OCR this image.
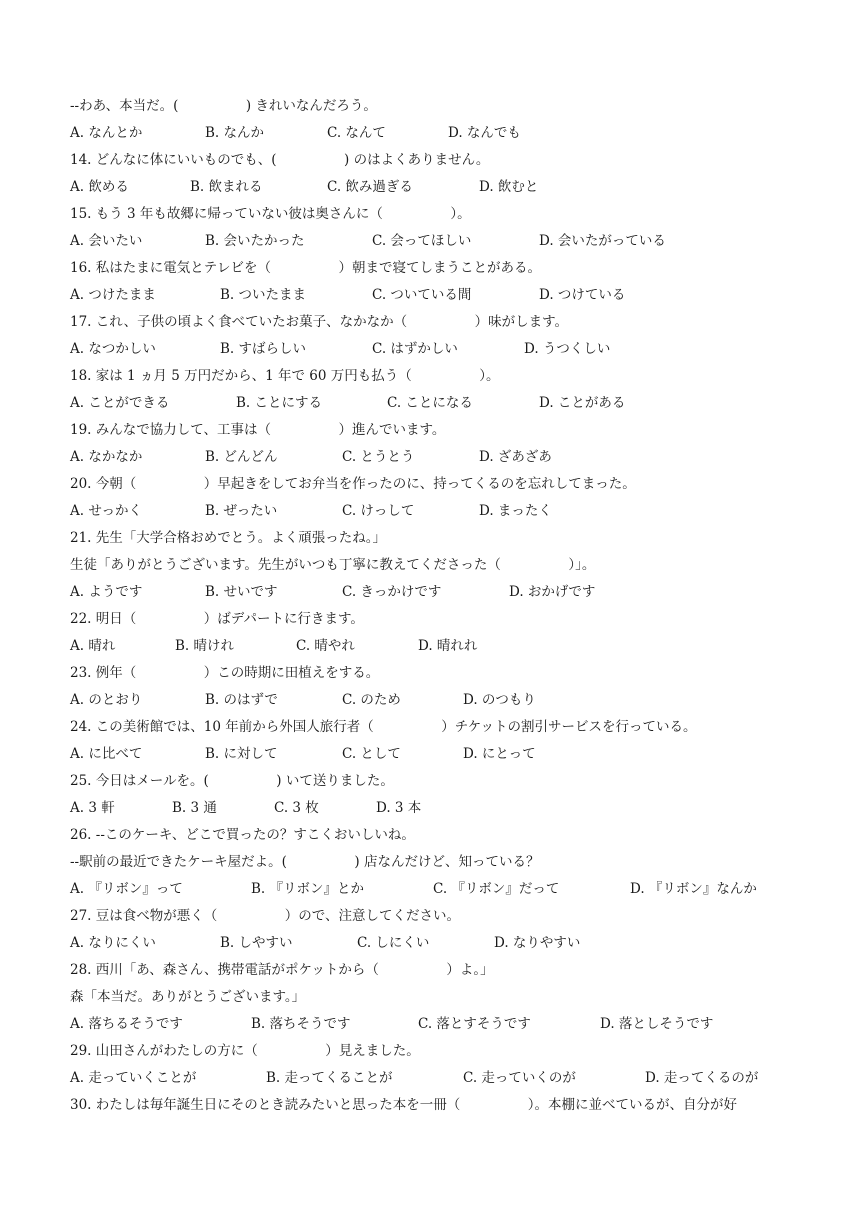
--わあ、本当だ。(　　　　　) きれいなんだろう。
A. なんとか	B. なんか	C. なんて	D. なんでも
14. どんなに体にいいものでも、(　　　　　) のはよくありません。
A. 飲める	B. 飲まれる	C. 飲み過ぎる	D. 飲むと
15. もう 3 年も故郷に帰っていない彼は奥さんに（　　　　　）。
A. 会いたい	B. 会いたかった	C. 会ってほしい	D. 会いたがっている
16. 私はたまに電気とテレビを（　　　　　）朝まで寝てしまうことがある。
A. つけたまま	B. ついたまま	C. ついている間	D. つけている
17. これ、子供の頃よく食べていたお菓子、なかなか（　　　　　）味がします。
A. なつかしい	B. すばらしい	C. はずかしい	D. うつくしい
18. 家は 1 ヵ月 5 万円だから、1 年で 60 万円も払う（　　　　　）。
A. ことができる	B. ことにする	C. ことになる	D. ことがある
19. みんなで協力して、工事は（　　　　　）進んでいます。
A. なかなか	B. どんどん	C. とうとう	D. ざあざあ
20. 今朝（　　　　　）早起きをしてお弁当を作ったのに、持ってくるのを忘れしてまった。
A. せっかく	B. ぜったい	C. けっして	D. まったく
21. 先生「大学合格おめでとう。よく頑張ったね。」
生徒「ありがとうございます。先生がいつも丁寧に教えてくださった（　　　　　）」。
A. ようです	B. せいです	C. きっかけです	D. おかげです
22. 明日（　　　　　）ばデパートに行きます。
A. 晴れ	B. 晴けれ	C. 晴やれ	D. 晴れれ
23. 例年（　　　　　）この時期に田植えをする。
A. のとおり	B. のはずで	C. のため	D. のつもり
24. この美術館では、10 年前から外国人旅行者（　　　　　）チケットの割引サービスを行っている。
A. に比べて	B. に対して	C. として	D. にとって
25. 今日はメールを。(　　　　　) いて送りました。
A. 3 軒	B. 3 通	C. 3 枚	D. 3 本
26. --このケーキ、どこで買ったの？すこくおいしいね。
--駅前の最近できたケーキ屋だよ。(　　　　　) 店なんだけど、知っている？
A. 『リボン』って	B. 『リボン』とか	C. 『リボン』だって	D. 『リボン』なんか
27. 豆は食べ物が悪く（　　　　　）ので、注意してください。
A. なりにくい	B. しやすい	C. しにくい	D. なりやすい
28. 西川「あ、森さん、携帯電話がポケットから（　　　　　）よ。」
森「本当だ。ありがとうございます。」
A. 落ちるそうです	B. 落ちそうです	C. 落とすそうです	D. 落としそうです
29. 山田さんがわたしの方に（　　　　　）見えました。
A. 走っていくことが	B. 走ってくることが	C. 走っていくのが	D. 走ってくるのが
30. わたしは毎年誕生日にそのとき読みたいと思った本を一冊（　　　　　）。本棚に並べているが、自分が好
